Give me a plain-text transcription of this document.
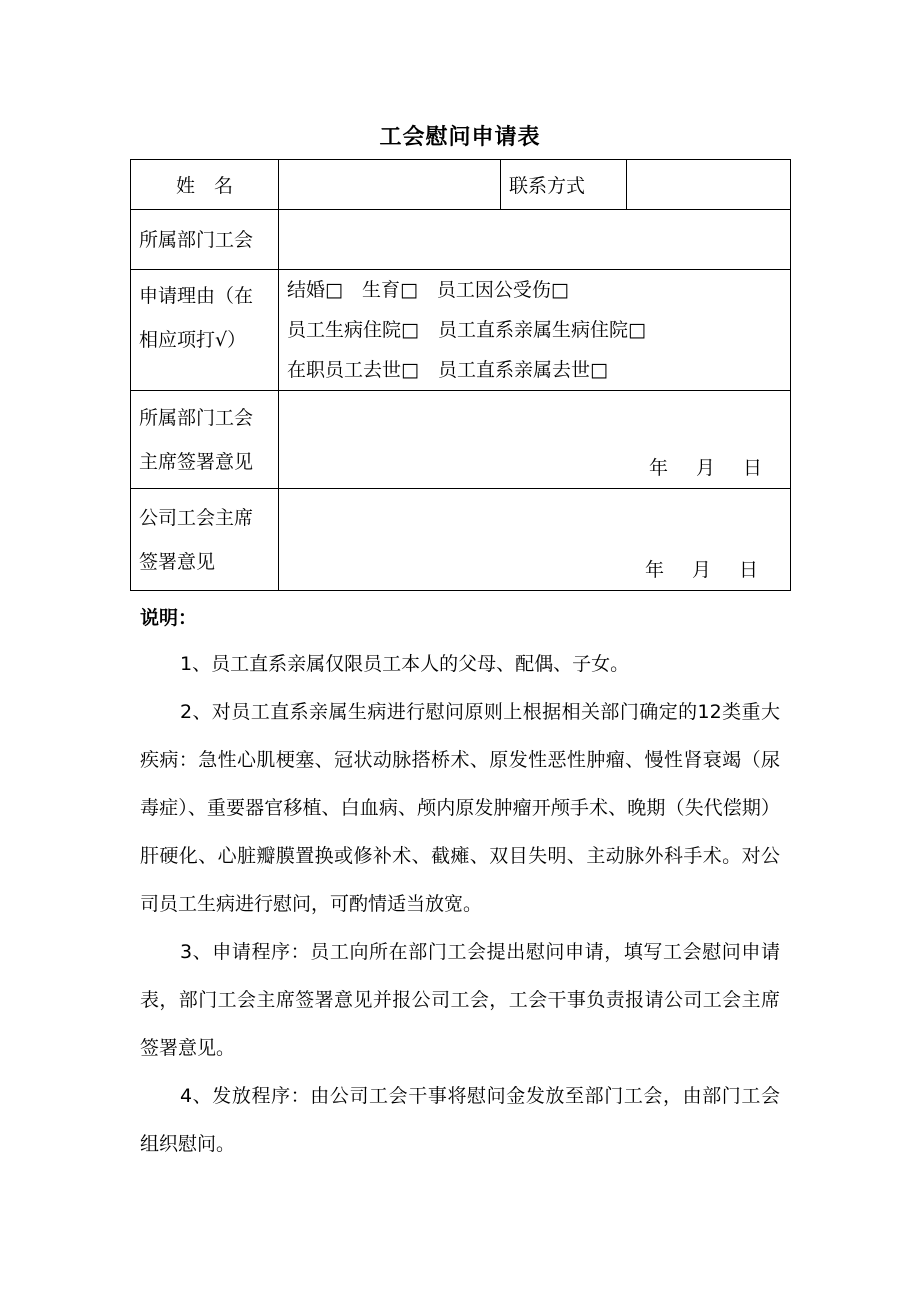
工会慰问申请表
姓　名		联系方式	
所属部门工会			
申请理由（在相应项打√）	结婚□　生育□　员工因公受伤□
员工生病住院□　员工直系亲属生病住院□
在职员工去世□　员工直系亲属去世□		

所属部门工会主席签署意见	年 月 日		

公司工会主席签署意见	年 月 日		
说明：

1、员工直系亲属仅限员工本人的父母、配偶、子女。

2、对员工直系亲属生病进行慰问原则上根据相关部门确定的12类重大疾病：急性心肌梗塞、冠状动脉搭桥术、原发性恶性肿瘤、慢性肾衰竭（尿毒症）、重要器官移植、白血病、颅内原发肿瘤开颅手术、晚期（失代偿期）肝硬化、心脏瓣膜置换或修补术、截瘫、双目失明、主动脉外科手术。对公司员工生病进行慰问，可酌情适当放宽。

3、申请程序：员工向所在部门工会提出慰问申请，填写工会慰问申请表，部门工会主席签署意见并报公司工会，工会干事负责报请公司工会主席签署意见。

4、发放程序：由公司工会干事将慰问金发放至部门工会，由部门工会组织慰问。
